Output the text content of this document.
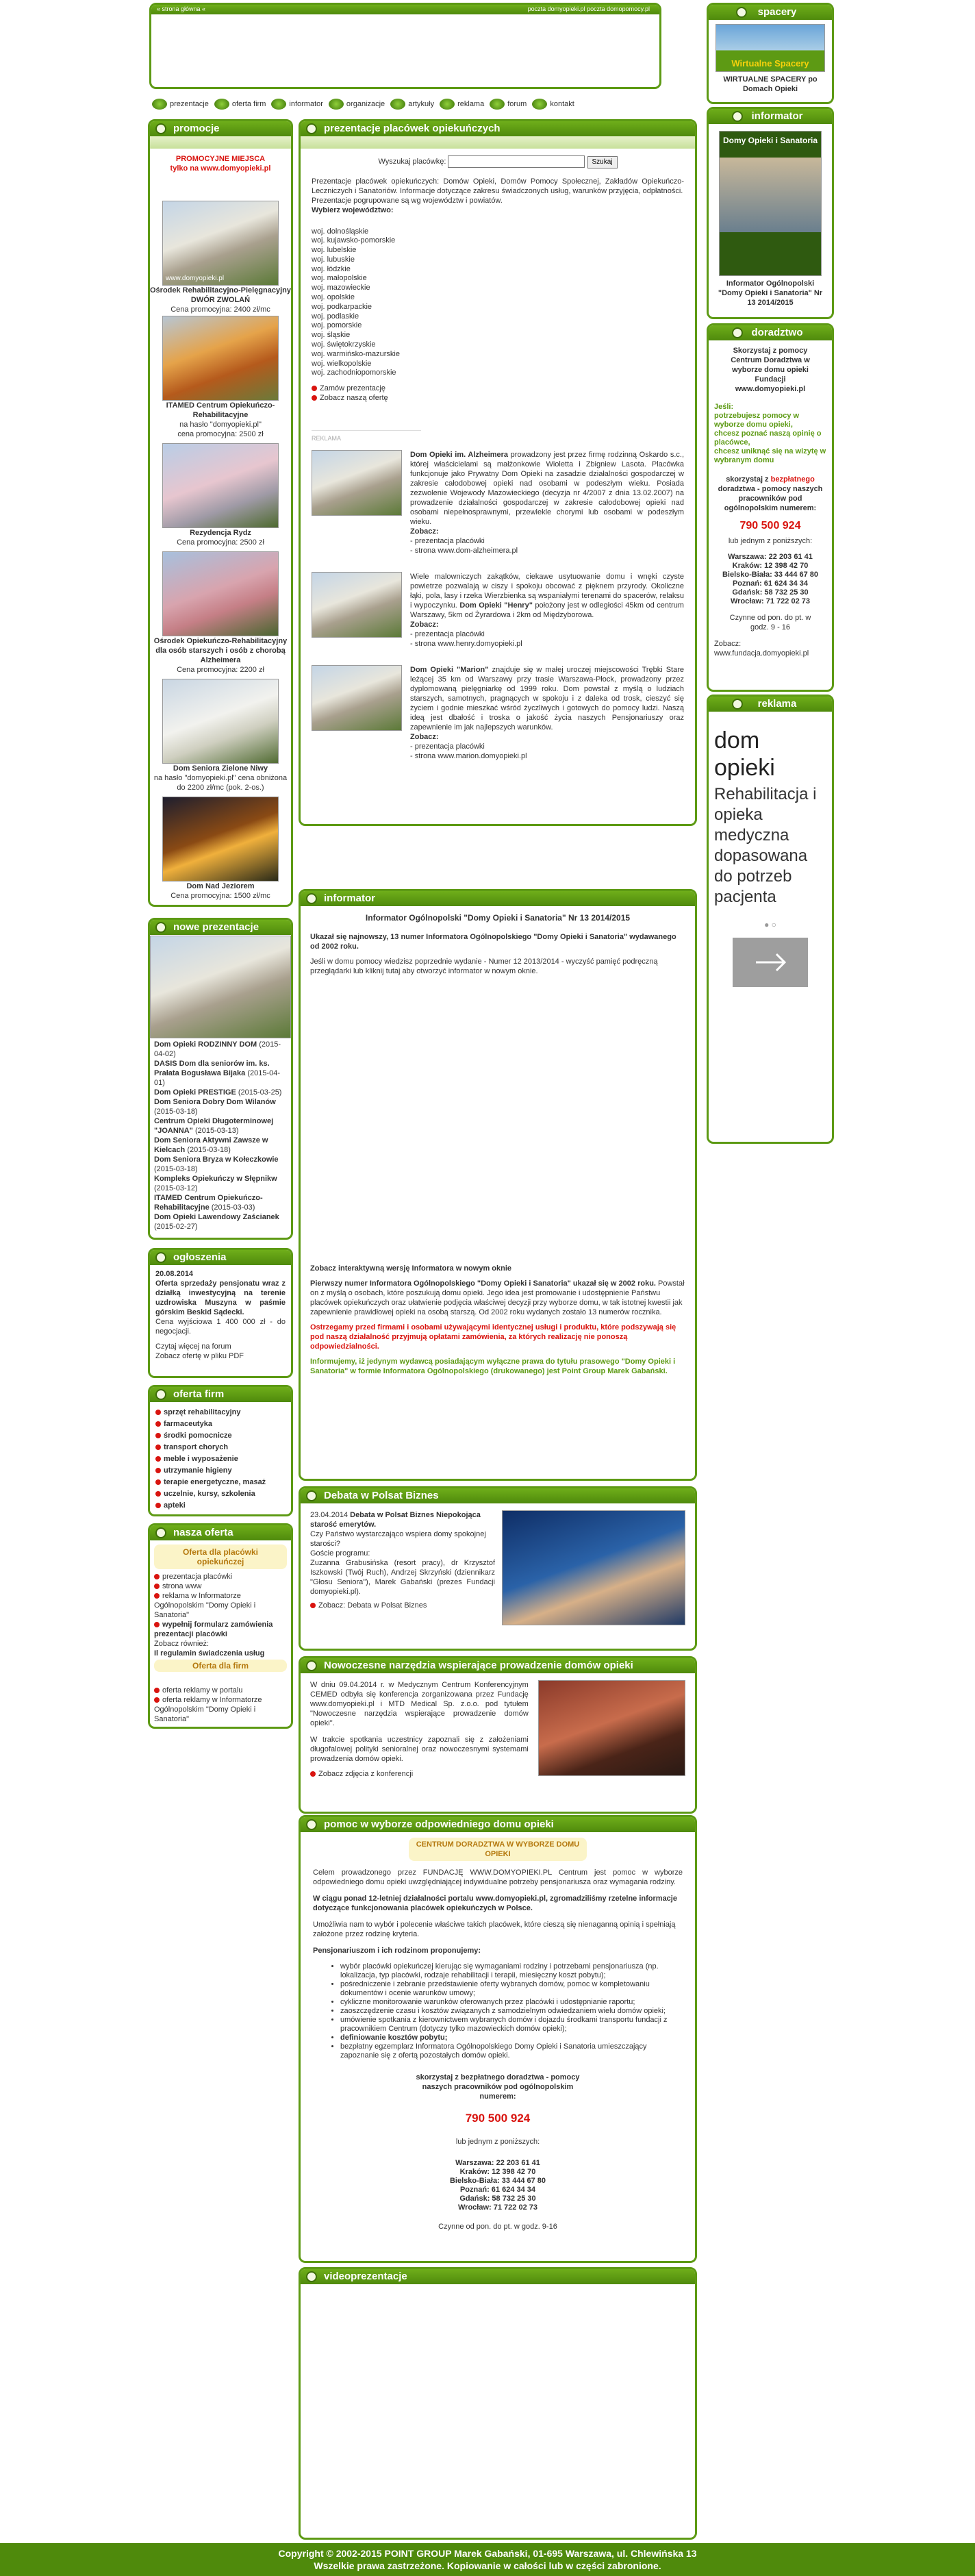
« strona główna «	poczta domyopieki.pl poczta domopomocy.pl
prezentacje	oferta firm	informator	organizacje	artykuły	reklama	forum	kontakt
promocje
PROMOCYJNE MIEJSCA
tylko na www.domyopieki.pl
www.domyopieki.pl
Ośrodek Rehabilitacyjno-Pielęgnacyjny DWÓR ZWOLAŃ
Cena promocyjna: 2400 zł/mc
ITAMED Centrum Opiekuńczo-Rehabilitacyjne
na hasło "domyopieki.pl"
cena promocyjna: 2500 zł
Rezydencja Rydz
Cena promocyjna: 2500 zł
Ośrodek Opiekuńczo-Rehabilitacyjny dla osób starszych i osób z chorobą Alzheimera
Cena promocyjna: 2200 zł
Dom Seniora Zielone Niwy
na hasło "domyopieki.pl" cena obniżona do 2200 zł/mc (pok. 2-os.)
Dom Nad Jeziorem
Cena promocyjna: 1500 zł/mc
nowe prezentacje
Dom Opieki RODZINNY DOM (2015-04-02)
DASIS Dom dla seniorów im. ks. Prałata Bogusława Bijaka (2015-04-01)
Dom Opieki PRESTIGE (2015-03-25)
Dom Seniora Dobry Dom Wilanów (2015-03-18)
Centrum Opieki Długoterminowej "JOANNA" (2015-03-13)
Dom Seniora Aktywni Zawsze w Kielcach (2015-03-18)
Dom Seniora Bryza w Kołeczkowie (2015-03-18)
Kompleks Opiekuńczy w Słępnikw (2015-03-12)
ITAMED Centrum Opiekuńczo-Rehabilitacyjne (2015-03-03)
Dom Opieki Lawendowy Zaścianek (2015-02-27)
ogłoszenia
20.08.2014
Oferta sprzedaży pensjonatu wraz z działką inwestycyjną na terenie uzdrowiska Muszyna w paśmie górskim Beskid Sądecki.
Cena wyjściowa 1 400 000 zł - do negocjacji.
Czytaj więcej na forum
Zobacz ofertę w pliku PDF
oferta firm
sprzęt rehabilitacyjny
farmaceutyka
środki pomocnicze
transport chorych
meble i wyposażenie
utrzymanie higieny
terapie energetyczne, masaż
uczelnie, kursy, szkolenia
apteki
nasza oferta
Oferta dla placówki opiekuńczej
prezentacja placówki
strona www
reklama w Informatorze Ogólnopolskim "Domy Opieki i Sanatoria"
wypełnij formularz zamówienia prezentacji placówki
Zobacz również:
Il regulamin świadczenia usług
Oferta dla firm
oferta reklamy w portalu
oferta reklamy w Informatorze Ogólnopolskim "Domy Opieki i Sanatoria"
prezentacje placówek opiekuńczych
Wyszukaj placówkę:	Szukaj
Prezentacje placówek opiekuńczych: Domów Opieki, Domów Pomocy Społecznej, Zakładów Opiekuńczo-Leczniczych i Sanatoriów. Informacje dotyczące zakresu świadczonych usług, warunków przyjęcia, odpłatności.
Prezentacje pogrupowane są wg województw i powiatów.
Wybierz województwo:
woj. dolnośląskie
woj. kujawsko-pomorskie
woj. lubelskie
woj. lubuskie
woj. łódzkie
woj. małopolskie
woj. mazowieckie
woj. opolskie
woj. podkarpackie
woj. podlaskie
woj. pomorskie
woj. śląskie
woj. świętokrzyskie
woj. warmińsko-mazurskie
woj. wielkopolskie
woj. zachodniopomorskie
Zamów prezentację
Zobacz naszą ofertę
REKLAMA
Dom Opieki im. Alzheimera prowadzony jest przez firmę rodzinną Oskardo s.c., której właścicielami są małżonkowie Wioletta i Zbigniew Lasota. Placówka funkcjonuje jako Prywatny Dom Opieki na zasadzie działalności gospodarczej w zakresie całodobowej opieki nad osobami w podeszłym wieku. Posiada zezwolenie Wojewody Mazowieckiego (decyzja nr 4/2007 z dnia 13.02.2007) na prowadzenie działalności gospodarczej w zakresie całodobowej opieki nad osobami niepełnosprawnymi, przewlekle chorymi lub osobami w podeszłym wieku.
Zobacz:
- prezentacja placówki
- strona www.dom-alzheimera.pl
Wiele malowniczych zakątków, ciekawe usytuowanie domu i wnęki czyste powietrze pozwalają w ciszy i spokoju obcować z pięknem przyrody. Okoliczne łąki, pola, lasy i rzeka Wierzbienka są wspaniałymi terenami do spacerów, relaksu i wypoczynku. Dom Opieki "Henry" położony jest w odległości 45km od centrum Warszawy, 5km od Żyrardowa i 2km od Międzyborowa.
Zobacz:
- prezentacja placówki
- strona www.henry.domyopieki.pl
Dom Opieki "Marion" znajduje się w małej uroczej miejscowości Trębki Stare leżącej 35 km od Warszawy przy trasie Warszawa-Płock, prowadzony przez dyplomowaną pielęgniarkę od 1999 roku. Dom powstał z myślą o ludziach starszych, samotnych, pragnących w spokoju i z daleka od trosk, cieszyć się życiem i godnie mieszkać wśród życzliwych i gotowych do pomocy ludzi. Naszą ideą jest dbałość i troska o jakość życia naszych Pensjonariuszy oraz zapewnienie im jak najlepszych warunków.
Zobacz:
- prezentacja placówki
- strona www.marion.domyopieki.pl
informator
Informator Ogólnopolski "Domy Opieki i Sanatoria" Nr 13 2014/2015
Ukazał się najnowszy, 13 numer Informatora Ogólnopolskiego "Domy Opieki i Sanatoria" wydawanego od 2002 roku.
Jeśli w domu pomocy wiedzisz poprzednie wydanie - Numer 12 2013/2014 - wyczyść pamięć podręczną przeglądarki lub kliknij tutaj aby otworzyć informator w nowym oknie.
Zobacz interaktywną wersję Informatora w nowym oknie
Pierwszy numer Informatora Ogólnopolskiego "Domy Opieki i Sanatoria" ukazał się w 2002 roku. Powstał on z myślą o osobach, które poszukują domu opieki. Jego idea jest promowanie i udostępnienie Państwu placówek opiekuńczych oraz ułatwienie podjęcia właściwej decyzji przy wyborze domu, w tak istotnej kwestii jak zapewnienie prawidłowej opieki na osobą starszą. Od 2002 roku wydanych zostało 13 numerów rocznika.
Ostrzegamy przed firmami i osobami używającymi identycznej usługi i produktu, które podszywają się pod naszą działalność przyjmują opłatami zamówienia, za których realizację nie ponoszą odpowiedzialności.
Informujemy, iż jedynym wydawcą posiadającym wyłączne prawa do tytułu prasowego "Domy Opieki i Sanatoria" w formie Informatora Ogólnopolskiego (drukowanego) jest Point Group Marek Gabański.
Debata w Polsat Biznes
23.04.2014 Debata w Polsat Biznes Niepokojąca starość emerytów.
Czy Państwo wystarczająco wspiera domy spokojnej starości?
Goście programu:
Zuzanna Grabusińska (resort pracy), dr Krzysztof Iszkowski (Twój Ruch), Andrzej Skrzyński (dziennikarz "Głosu Seniora"), Marek Gabański (prezes Fundacji domyopieki.pl).
Zobacz: Debata w Polsat Biznes
Nowoczesne narzędzia wspierające prowadzenie domów opieki
W dniu 09.04.2014 r. w Medycznym Centrum Konferencyjnym CEMED odbyła się konferencja zorganizowana przez Fundację www.domyopieki.pl i MTD Medical Sp. z.o.o. pod tytułem "Nowoczesne narzędzia wspierające prowadzenie domów opieki".
W trakcie spotkania uczestnicy zapoznali się z założeniami długofalowej polityki senioralnej oraz nowoczesnymi systemami prowadzenia domów opieki.
Zobacz zdjęcia z konferencji
pomoc w wyborze odpowiedniego domu opieki
CENTRUM DORADZTWA W WYBORZE DOMU OPIEKI
Celem prowadzonego przez FUNDACJĘ WWW.DOMYOPIEKI.PL Centrum jest pomoc w wyborze odpowiedniego domu opieki uwzględniającej indywidualne potrzeby pensjonariusza oraz wymagania rodziny.
W ciągu ponad 12-letniej działalności portalu www.domyopieki.pl, zgromadziliśmy rzetelne informacje dotyczące funkcjonowania placówek opiekuńczych w Polsce.
Umożliwia nam to wybór i polecenie właściwe takich placówek, które cieszą się nienaganną opinią i spełniają założone przez rodzinę kryteria.
Pensjonariuszom i ich rodzinom proponujemy:
• wybór placówki opiekuńczej kierując się wymaganiami rodziny i potrzebami pensjonariusza (np. lokalizacja, typ placówki, rodzaje rehabilitacji i terapii, miesięczny koszt pobytu);
• pośredniczenie i zebranie przedstawienie oferty wybranych domów, pomoc w kompletowaniu dokumentów i ocenie warunków umowy;
• cykliczne monitorowanie warunków oferowanych przez placówki i udostępnianie raportu;
• zaoszczędzenie czasu i kosztów związanych z samodzielnym odwiedzaniem wielu domów opieki;
• umówienie spotkania z kierownictwem wybranych domów i dojazdu środkami transportu fundacji z pracownikiem Centrum (dotyczy tylko mazowieckich domów opieki);
• definiowanie kosztów pobytu;
• bezpłatny egzemplarz Informatora Ogólnopolskiego Domy Opieki i Sanatoria umieszczający zapoznanie się z ofertą pozostałych domów opieki.
skorzystaj z bezpłatnego doradztwa - pomocy naszych pracowników pod ogólnopolskim numerem:
790 500 924
lub jednym z poniższych:
Warszawa: 22 203 61 41
Kraków: 12 398 42 70
Bielsko-Biała: 33 444 67 80
Poznań: 61 624 34 34
Gdańsk: 58 732 25 30
Wrocław: 71 722 02 73
Czynne od pon. do pt. w godz. 9-16
videoprezentacje
spacery
Wirtualne Spacery
WIRTUALNE SPACERY po Domach Opieki
informator
Domy Opieki i Sanatoria
Informator Ogólnopolski "Domy Opieki i Sanatoria" Nr 13 2014/2015
doradztwo
Skorzystaj z pomocy Centrum Doradztwa w wyborze domu opieki Fundacji www.domyopieki.pl
Jeśli:
potrzebujesz pomocy w wyborze domu opieki,
chcesz poznać naszą opinię o placówce,
chcesz uniknąć się na wizytę w wybranym domu
skorzystaj z bezpłatnego doradztwa - pomocy naszych pracowników pod ogólnopolskim numerem:
790 500 924
lub jednym z poniższych:
Warszawa: 22 203 61 41
Kraków: 12 398 42 70
Bielsko-Biała: 33 444 67 80
Poznań: 61 624 34 34
Gdańsk: 58 732 25 30
Wrocław: 71 722 02 73
Czynne od pon. do pt. w godz. 9 - 16
Zobacz:
www.fundacja.domyopieki.pl
reklama
dom opieki
Rehabilitacja i opieka medyczna dopasowana do potrzeb pacjenta
● ○
Copyright © 2002-2015 POINT GROUP Marek Gabański, 01-695 Warszawa, ul. Chlewińska 13
Wszelkie prawa zastrzeżone. Kopiowanie w całości lub w części zabronione.
